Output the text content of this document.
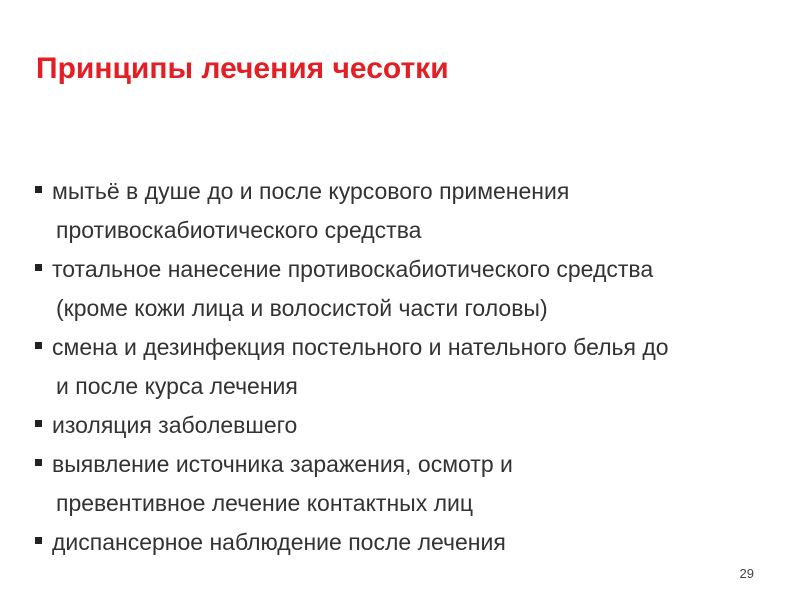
Принципы лечения чесотки
мытьё в душе до и после курсового применения
противоскабиотического средства
тотальное нанесение противоскабиотического средства
(кроме кожи лица и волосистой части головы)
смена и дезинфекция постельного и нательного белья до
и после курса лечения
изоляция заболевшего
выявление источника заражения, осмотр и
превентивное лечение контактных лиц
диспансерное наблюдение после лечения
29
